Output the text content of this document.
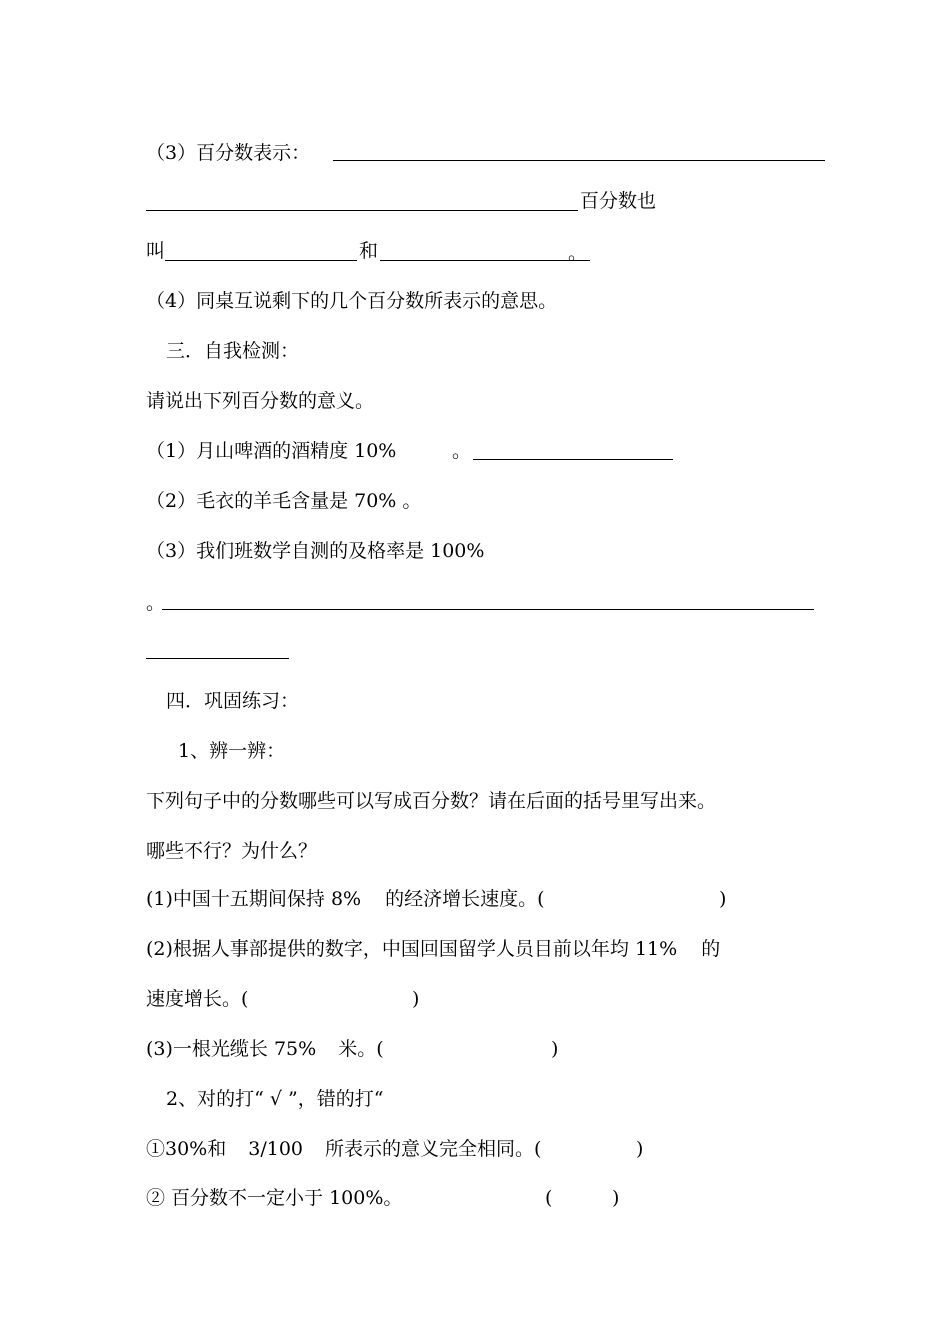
（3）百分数表示：
百分数也
叫	和	。
（4）同桌互说剩下的几个百分数所表示的意思。
三．自我检测：
请说出下列百分数的意义。
（1）月山啤酒的酒精度 10%	。
（2）毛衣的羊毛含量是 70% 。
（3）我们班数学自测的及格率是 100%
。
四．巩固练习：
1、辨一辨：
下列句子中的分数哪些可以写成百分数？请在后面的括号里写出来。
哪些不行？为什么？
(1)中国十五期间保持 8% 的经济增长速度。(	)
(2)根据人事部提供的数字，中国回国留学人员目前以年均 11% 的
速度增长。(	)
(3)一根光缆长 75% 米。(	)
2、对的打“ √ ”，错的打“
①30%和 3/100 所表示的意义完全相同。(	)
② 百分数不一定小于 100%。	(	)
